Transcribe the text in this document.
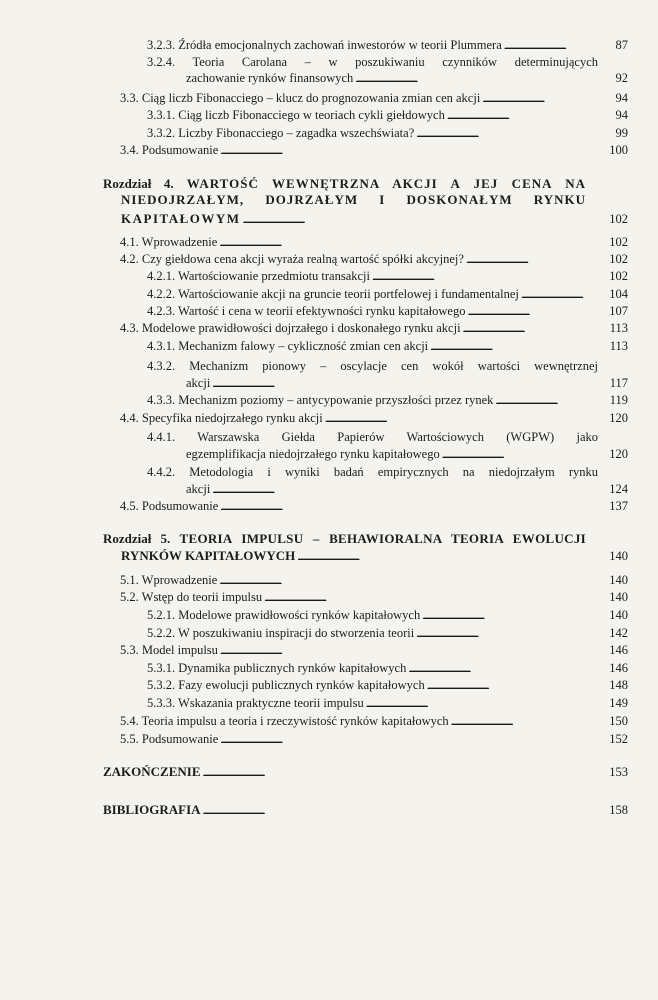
3.2.3. Źródła emocjonalnych zachowań inwestorów w teorii Plummera . . .	87
3.2.4. Teoria Carolana – w poszukiwaniu czynników determinujących
zachowanie rynków finansowych . . .	92
3.3. Ciąg liczb Fibonacciego – klucz do prognozowania zmian cen akcji . . .	94
3.3.1. Ciąg liczb Fibonacciego w teoriach cykli giełdowych . . .	94
3.3.2. Liczby Fibonacciego – zagadka wszechświata? . . .	99
3.4. Podsumowanie . . .	100
Rozdział 4. WARTOŚĆ WEWNĘTRZNA AKCJI A JEJ CENA NA
NIEDOJRZAŁYM, DOJRZAŁYM I DOSKONAŁYM RYNKU
KAPITAŁOWYM . . .	102
4.1. Wprowadzenie . . .	102
4.2. Czy giełdowa cena akcji wyraża realną wartość spółki akcyjnej? . . .	102
4.2.1. Wartościowanie przedmiotu transakcji . . .	102
4.2.2. Wartościowanie akcji na gruncie teorii portfelowej i fundamentalnej . . .	104
4.2.3. Wartość i cena w teorii efektywności rynku kapitałowego . . .	107
4.3. Modelowe prawidłowości dojrzałego i doskonałego rynku akcji . . .	113
4.3.1. Mechanizm falowy – cykliczność zmian cen akcji . . .	113
4.3.2. Mechanizm pionowy – oscylacje cen wokół wartości wewnętrznej
akcji . . .	117
4.3.3. Mechanizm poziomy – antycypowanie przyszłości przez rynek . . .	119
4.4. Specyfika niedojrzałego rynku akcji . . .	120
4.4.1. Warszawska Giełda Papierów Wartościowych (WGPW) jako
egzemplifikacja niedojrzałego rynku kapitałowego . . .	120
4.4.2. Metodologia i wyniki badań empirycznych na niedojrzałym rynku
akcji . . .	124
4.5. Podsumowanie . . .	137
Rozdział 5. TEORIA IMPULSU – BEHAWIORALNA TEORIA EWOLUCJI
RYNKÓW KAPITAŁOWYCH . . .	140
5.1. Wprowadzenie . . .	140
5.2. Wstęp do teorii impulsu . . .	140
5.2.1. Modelowe prawidłowości rynków kapitałowych . . .	140
5.2.2. W poszukiwaniu inspiracji do stworzenia teorii . . .	142
5.3. Model impulsu . . .	146
5.3.1. Dynamika publicznych rynków kapitałowych . . .	146
5.3.2. Fazy ewolucji publicznych rynków kapitałowych . . .	148
5.3.3. Wskazania praktyczne teorii impulsu . . .	149
5.4. Teoria impulsu a teoria i rzeczywistość rynków kapitałowych . . .	150
5.5. Podsumowanie . . .	152
ZAKOŃCZENIE . . .	153
BIBLIOGRAFIA . . .	158
